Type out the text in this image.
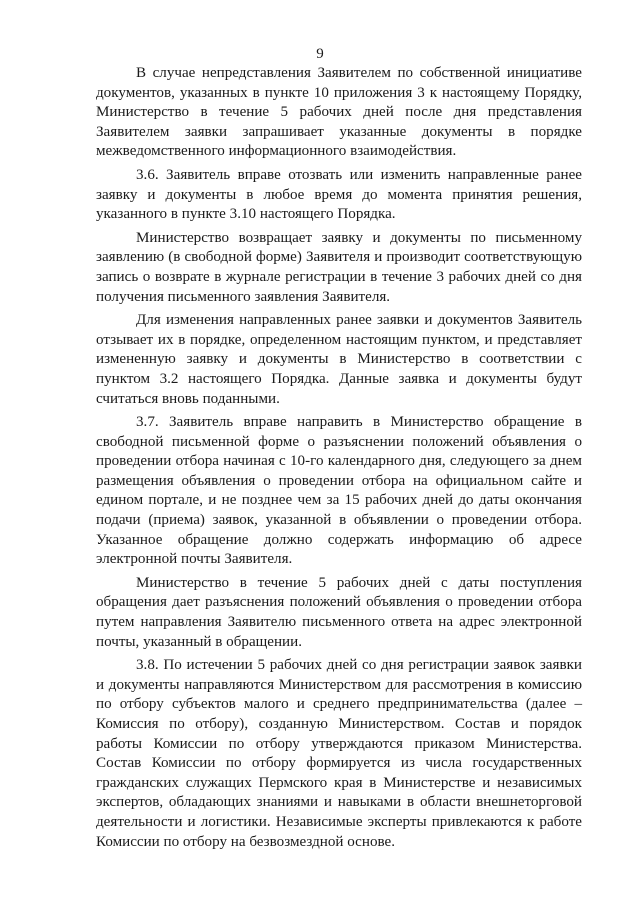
9

В случае непредставления Заявителем по собственной инициативе документов, указанных в пункте 10 приложения 3 к настоящему Порядку, Министерство в течение 5 рабочих дней после дня представления Заявителем заявки запрашивает указанные документы в порядке межведомственного информационного взаимодействия.

3.6. Заявитель вправе отозвать или изменить направленные ранее заявку и документы в любое время до момента принятия решения, указанного в пункте 3.10 настоящего Порядка.

Министерство возвращает заявку и документы по письменному заявлению (в свободной форме) Заявителя и производит соответствующую запись о возврате в журнале регистрации в течение 3 рабочих дней со дня получения письменного заявления Заявителя.

Для изменения направленных ранее заявки и документов Заявитель отзывает их в порядке, определенном настоящим пунктом, и представляет измененную заявку и документы в Министерство в соответствии с пунктом 3.2 настоящего Порядка. Данные заявка и документы будут считаться вновь поданными.

3.7. Заявитель вправе направить в Министерство обращение в свободной письменной форме о разъяснении положений объявления о проведении отбора начиная с 10-го календарного дня, следующего за днем размещения объявления о проведении отбора на официальном сайте и едином портале, и не позднее чем за 15 рабочих дней до даты окончания подачи (приема) заявок, указанной в объявлении о проведении отбора. Указанное обращение должно содержать информацию об адресе электронной почты Заявителя.

Министерство в течение 5 рабочих дней с даты поступления обращения дает разъяснения положений объявления о проведении отбора путем направления Заявителю письменного ответа на адрес электронной почты, указанный в обращении.

3.8. По истечении 5 рабочих дней со дня регистрации заявок заявки и документы направляются Министерством для рассмотрения в комиссию по отбору субъектов малого и среднего предпринимательства (далее – Комиссия по отбору), созданную Министерством. Состав и порядок работы Комиссии по отбору утверждаются приказом Министерства. Состав Комиссии по отбору формируется из числа государственных гражданских служащих Пермского края в Министерстве и независимых экспертов, обладающих знаниями и навыками в области внешнеторговой деятельности и логистики. Независимые эксперты привлекаются к работе Комиссии по отбору на безвозмездной основе.
